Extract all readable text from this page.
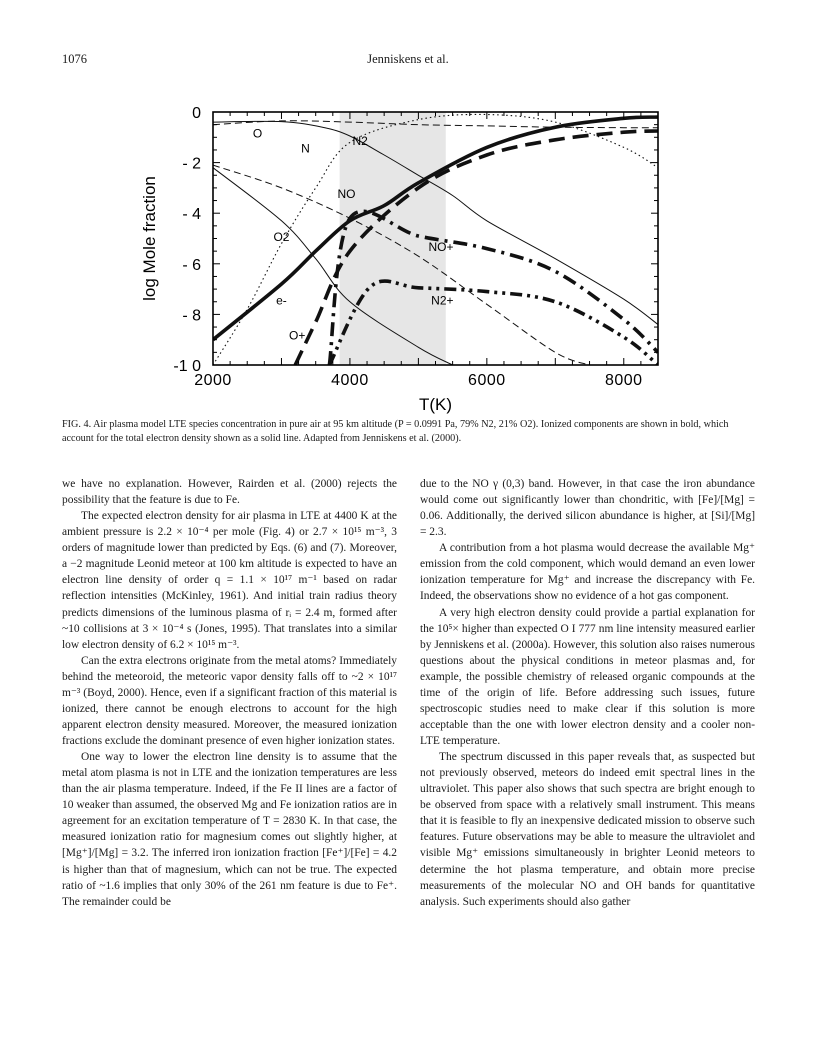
1076	Jenniskens et al.
2000	4000	6000	8000
0
- 2
- 4
- 6
- 8
-1 0
T(K)
log Mole fraction
O
N
N2
NO
O2
e-
O+
NO+
N2+
FIG. 4. Air plasma model LTE species concentration in pure air at 95 km altitude (P = 0.0991 Pa, 79% N2, 21% O2). Ionized components are shown in bold, which account for the total electron density shown as a solid line. Adapted from Jenniskens et al. (2000).

we have no explanation. However, Rairden et al. (2000) rejects the possibility that the feature is due to Fe.

The expected electron density for air plasma in LTE at 4400 K at the ambient pressure is 2.2 × 10⁻⁴ per mole (Fig. 4) or 2.7 × 10¹⁵ m⁻³, 3 orders of magnitude lower than predicted by Eqs. (6) and (7). Moreover, a −2 magnitude Leonid meteor at 100 km altitude is expected to have an electron line density of order q = 1.1 × 10¹⁷ m⁻¹ based on radar reflection intensities (McKinley, 1961). And initial train radius theory predicts dimensions of the luminous plasma of rᵢ = 2.4 m, formed after ~10 collisions at 3 × 10⁻⁴ s (Jones, 1995). That translates into a similar low electron density of 6.2 × 10¹⁵ m⁻³.

Can the extra electrons originate from the metal atoms? Immediately behind the meteoroid, the meteoric vapor density falls off to ~2 × 10¹⁷ m⁻³ (Boyd, 2000). Hence, even if a significant fraction of this material is ionized, there cannot be enough electrons to account for the high apparent electron density measured. Moreover, the measured ionization fractions exclude the dominant presence of even higher ionization states.

One way to lower the electron line density is to assume that the metal atom plasma is not in LTE and the ionization temperatures are less than the air plasma temperature. Indeed, if the Fe II lines are a factor of 10 weaker than assumed, the observed Mg and Fe ionization ratios are in agreement for an excitation temperature of T = 2830 K. In that case, the measured ionization ratio for magnesium comes out slightly higher, at [Mg⁺]/[Mg] = 3.2. The inferred iron ionization fraction [Fe⁺]/[Fe] = 4.2 is higher than that of magnesium, which can not be true. The expected ratio of ~1.6 implies that only 30% of the 261 nm feature is due to Fe⁺. The remainder could be

due to the NO γ (0,3) band. However, in that case the iron abundance would come out significantly lower than chondritic, with [Fe]/[Mg] = 0.06. Additionally, the derived silicon abundance is higher, at [Si]/[Mg] = 2.3.

A contribution from a hot plasma would decrease the available Mg⁺ emission from the cold component, which would demand an even lower ionization temperature for Mg⁺ and increase the discrepancy with Fe. Indeed, the observations show no evidence of a hot gas component.

A very high electron density could provide a partial explanation for the 10⁵× higher than expected O I 777 nm line intensity measured earlier by Jenniskens et al. (2000a). However, this solution also raises numerous questions about the physical conditions in meteor plasmas and, for example, the possible chemistry of released organic compounds at the time of the origin of life. Before addressing such issues, future spectroscopic studies need to make clear if this solution is more acceptable than the one with lower electron density and a cooler non-LTE temperature.

The spectrum discussed in this paper reveals that, as suspected but not previously observed, meteors do indeed emit spectral lines in the ultraviolet. This paper also shows that such spectra are bright enough to be observed from space with a relatively small instrument. This means that it is feasible to fly an inexpensive dedicated mission to observe such features. Future observations may be able to measure the ultraviolet and visible Mg⁺ emissions simultaneously in brighter Leonid meteors to determine the hot plasma temperature, and obtain more precise measurements of the molecular NO and OH bands for quantitative analysis. Such experiments should also gather
